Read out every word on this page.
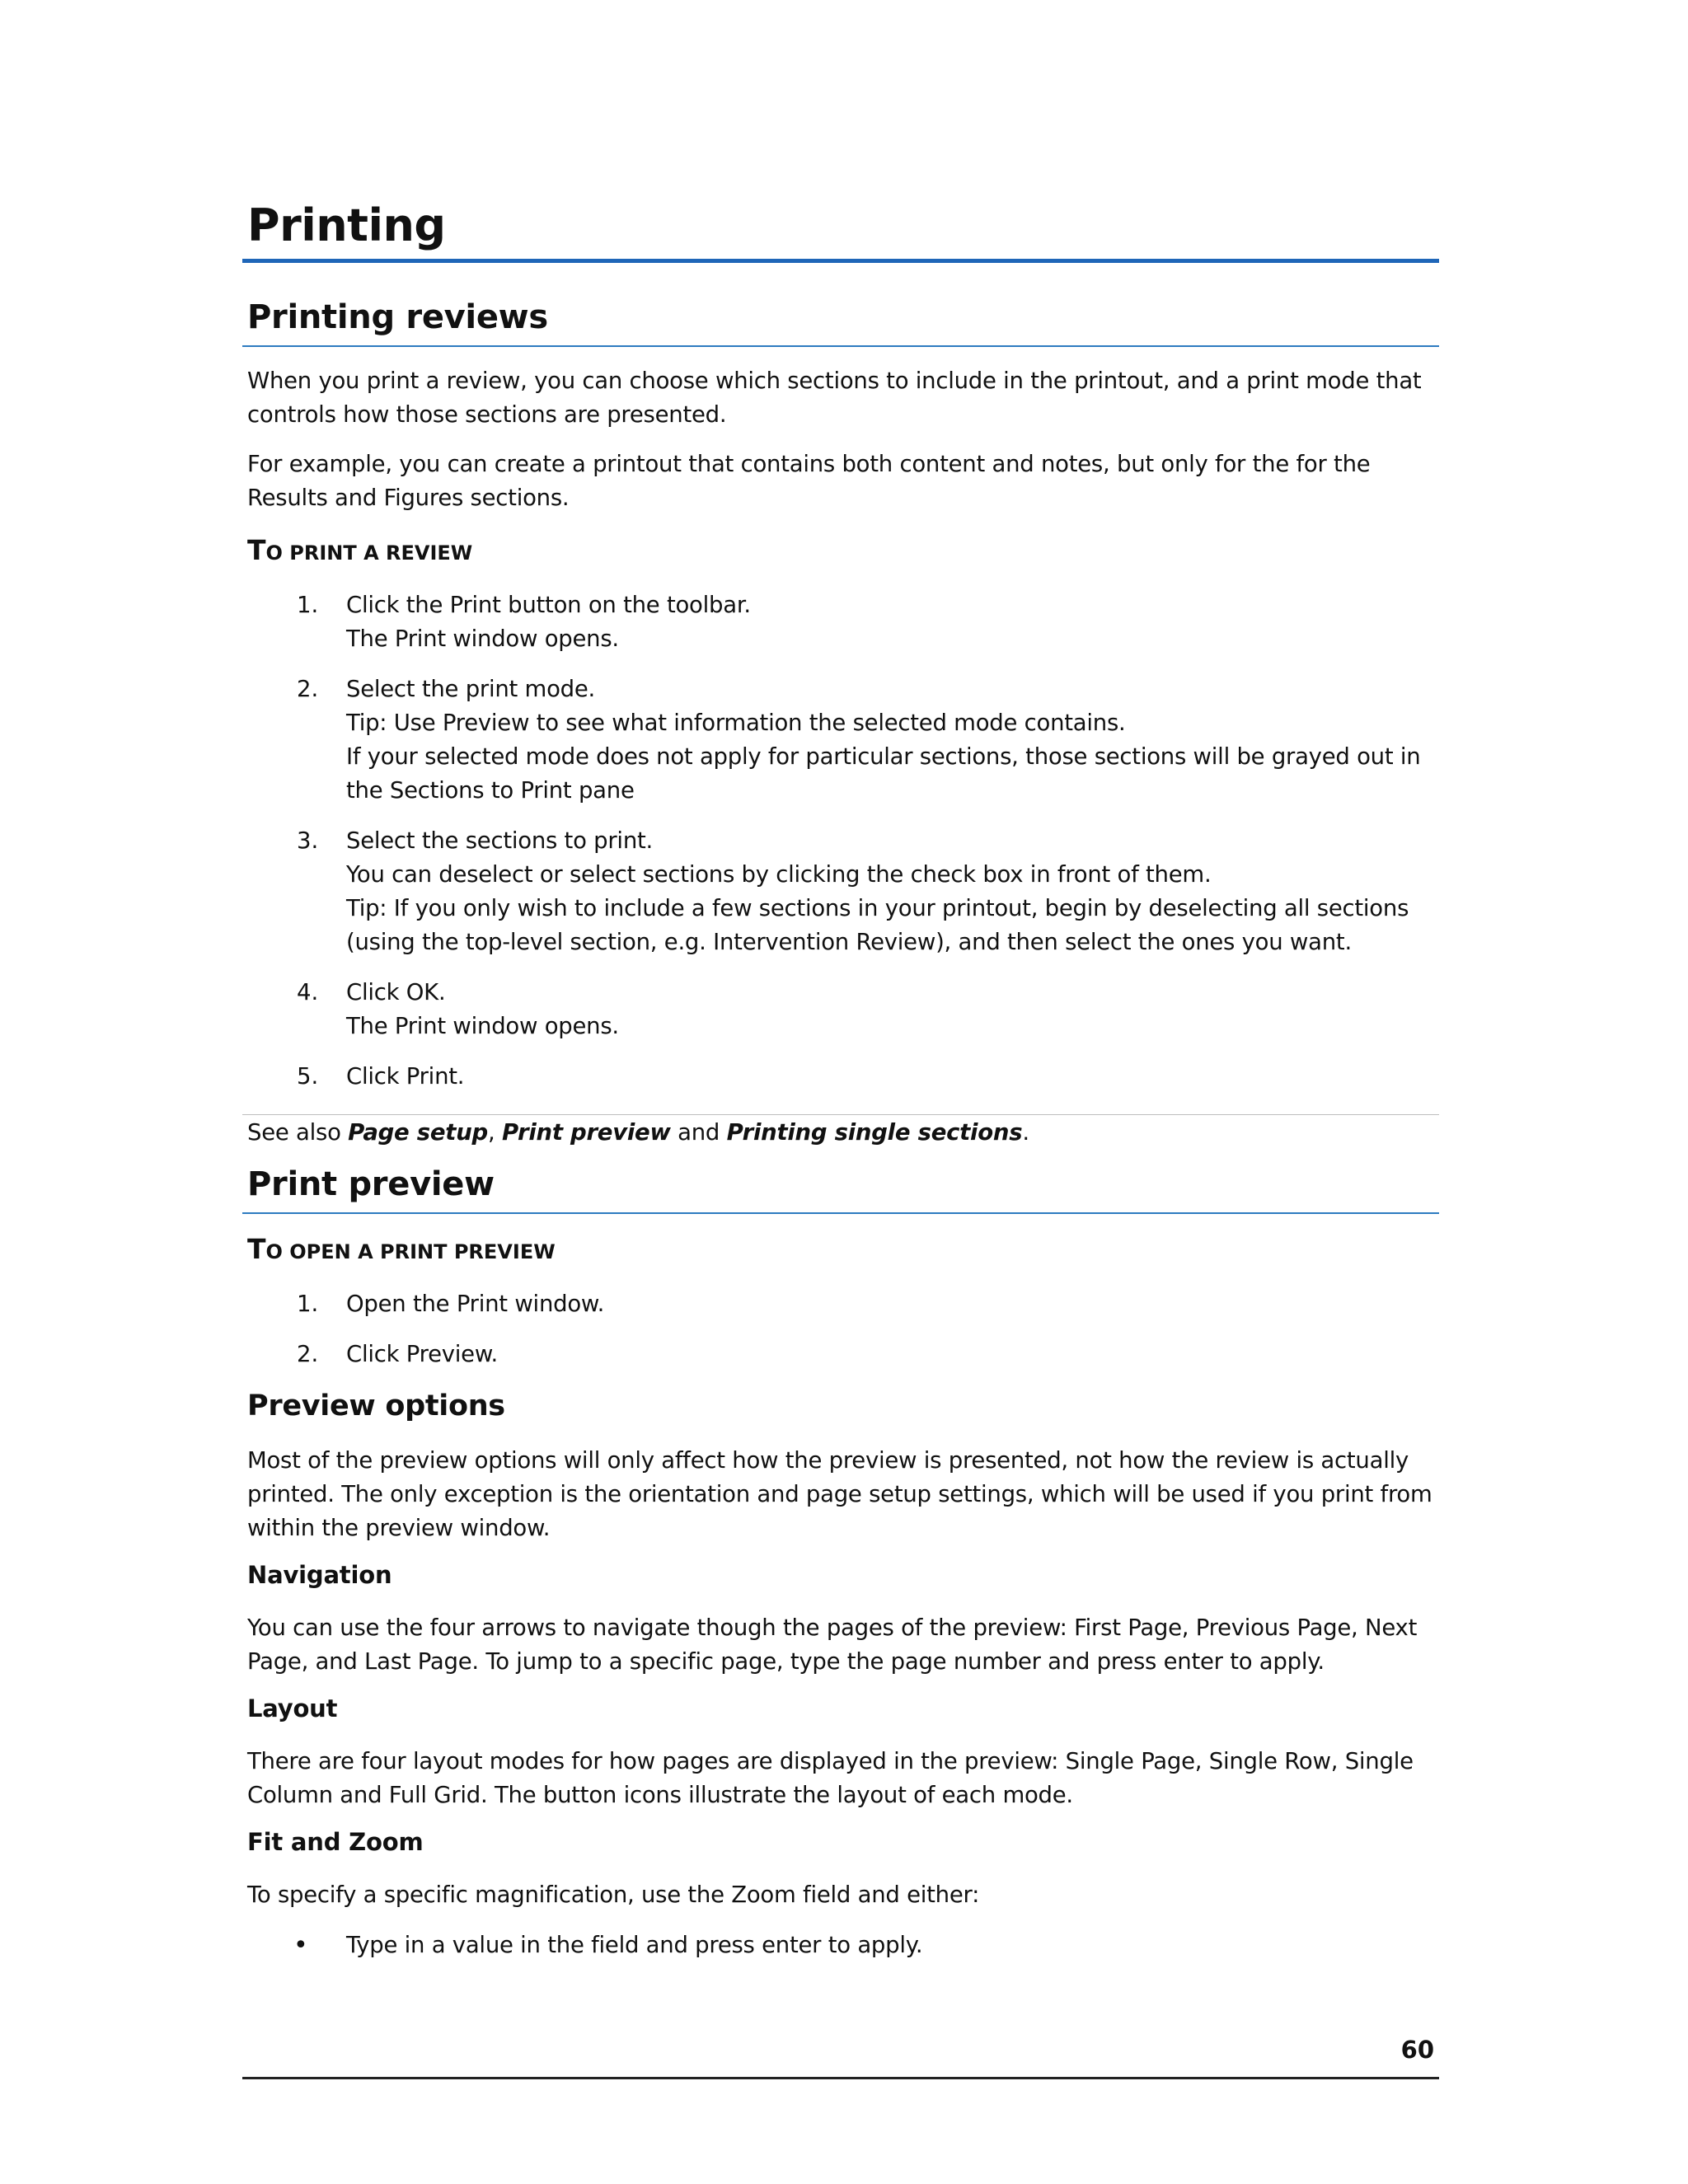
Printing
Printing reviews

When you print a review, you can choose which sections to include in the printout, and a print mode that controls how those sections are presented.

For example, you can create a printout that contains both content and notes, but only for the for the Results and Figures sections.

TO PRINT A REVIEW

1.	Click the Print button on the toolbar.

The Print window opens.

2.	Select the print mode.

Tip: Use Preview to see what information the selected mode contains.

If your selected mode does not apply for particular sections, those sections will be grayed out in the Sections to Print pane

3.	Select the sections to print.

You can deselect or select sections by clicking the check box in front of them.

Tip: If you only wish to include a few sections in your printout, begin by deselecting all sections (using the top-level section, e.g. Intervention Review), and then select the ones you want.

4.	Click OK.

The Print window opens.

5.	Click Print.

See also Page setup, Print preview and Printing single sections.

Print preview

TO OPEN A PRINT PREVIEW

1.	Open the Print window.

2.	Click Preview.

Preview options

Most of the preview options will only affect how the preview is presented, not how the review is actually printed. The only exception is the orientation and page setup settings, which will be used if you print from within the preview window.

Navigation

You can use the four arrows to navigate though the pages of the preview: First Page, Previous Page, Next Page, and Last Page. To jump to a specific page, type the page number and press enter to apply.

Layout

There are four layout modes for how pages are displayed in the preview: Single Page, Single Row, Single Column and Full Grid. The button icons illustrate the layout of each mode.

Fit and Zoom

To specify a specific magnification, use the Zoom field and either:

• Type in a value in the field and press enter to apply.

60
